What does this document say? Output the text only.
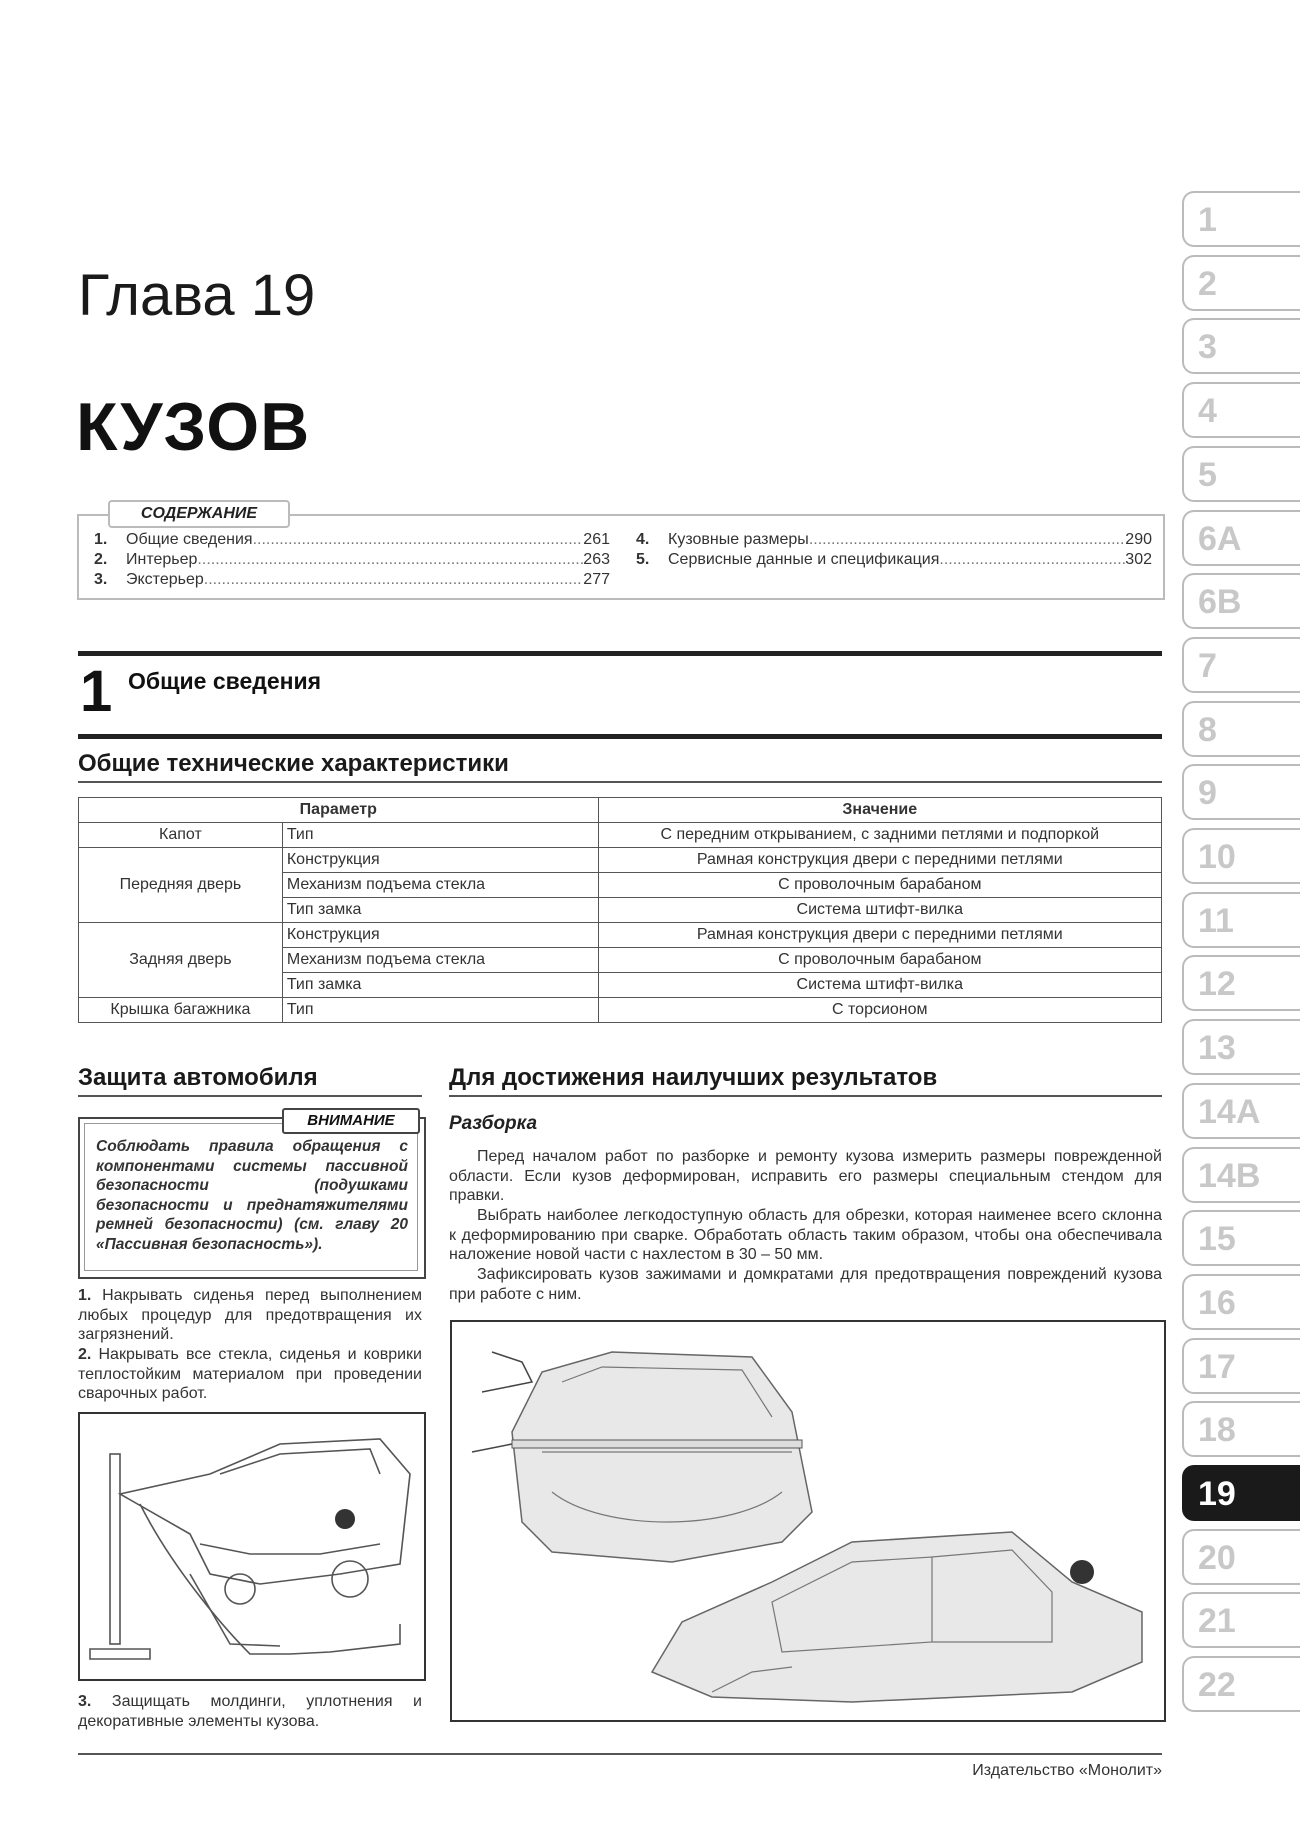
Глава 19
КУЗОВ
СОДЕРЖАНИЕ
1.	Общие сведения .....	261
2.	Интерьер .....	263
3.	Экстерьер .....	277
4.	Кузовные размеры .....	290
5.	Сервисные данные и спецификация .....	302
1 Общие сведения
Общие технические характеристики
Параметр		Значение
Капот	Тип	С передним открыванием, с задними петлями и подпоркой
Передняя дверь	Конструкция	Рамная конструкция двери с передними петлями
	Механизм подъема стекла	С проволочным барабаном
	Тип замка	Система штифт-вилка
Задняя дверь	Конструкция	Рамная конструкция двери с передними петлями
	Механизм подъема стекла	С проволочным барабаном
	Тип замка	Система штифт-вилка
Крышка багажника	Тип	С торсионом
Защита автомобиля
ВНИМАНИЕ
Соблюдать правила обращения с компонентами системы пассивной безопасности (подушками безопасности и преднатяжителями ремней безопасности) (см. главу 20 «Пассивная безопасность»).
1. Накрывать сиденья перед выполнением любых процедур для предотвращения их загрязнений.
2. Накрывать все стекла, сиденья и коврики теплостойким материалом при проведении сварочных работ.
3. Защищать молдинги, уплотнения и декоративные элементы кузова.
Для достижения наилучших результатов
Разборка
Перед началом работ по разборке и ремонту кузова измерить размеры поврежденной области. Если кузов деформирован, исправить его размеры специальным стендом для правки.
Выбрать наиболее легкодоступную область для обрезки, которая наименее всего склонна к деформированию при сварке. Обработать область таким образом, чтобы она обеспечивала наложение новой части с нахлестом в 30 – 50 мм.
Зафиксировать кузов зажимами и домкратами для предотвращения повреждений кузова при работе с ним.
Издательство «Монолит»
1
2
3
4
5
6A
6B
7
8
9
10
11
12
13
14A
14B
15
16
17
18
19
20
21
22
